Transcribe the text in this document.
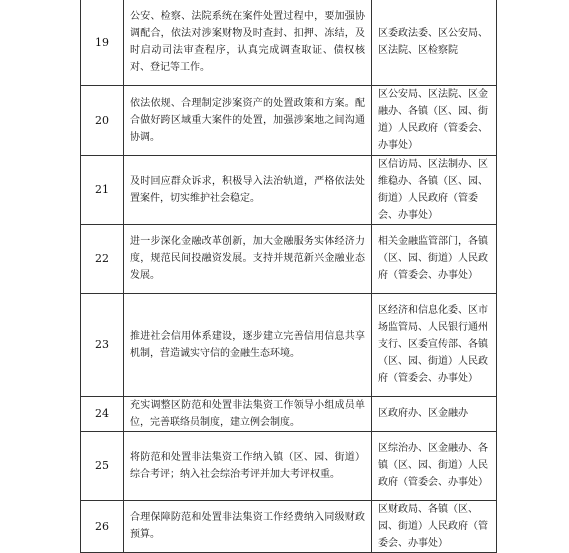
19	公安、检察、法院系统在案件处置过程中，要加强协调配合，依法对涉案财物及时查封、扣押、冻结，及时启动司法审查程序，认真完成调查取证、债权核对、登记等工作。	区委政法委、区公安局、区法院、区检察院
20	依法依规、合理制定涉案资产的处置政策和方案。配合做好跨区域重大案件的处置，加强涉案地之间沟通协调。	区公安局、区法院、区金融办、各镇（区、园、街道）人民政府（管委会、办事处）
21	及时回应群众诉求，积极导入法治轨道，严格依法处置案件，切实维护社会稳定。	区信访局、区法制办、区维稳办、各镇（区、园、街道）人民政府（管委会、办事处）
22	进一步深化金融改革创新，加大金融服务实体经济力度，规范民间投融资发展。支持并规范新兴金融业态发展。	相关金融监管部门，各镇（区、园、街道）人民政府（管委会、办事处）
23	推进社会信用体系建设，逐步建立完善信用信息共享机制，营造诚实守信的金融生态环境。	区经济和信息化委、区市场监管局、人民银行通州支行、区委宣传部、各镇（区、园、街道）人民政府（管委会、办事处）
24	充实调整区防范和处置非法集资工作领导小组成员单位，完善联络员制度，建立例会制度。	区政府办、区金融办
25	将防范和处置非法集资工作纳入镇（区、园、街道）综合考评；纳入社会综治考评并加大考评权重。	区综治办、区金融办、各镇（区、园、街道）人民政府（管委会、办事处）
26	合理保障防范和处置非法集资工作经费纳入同级财政预算。	区财政局、各镇（区、园、街道）人民政府（管委会、办事处）
